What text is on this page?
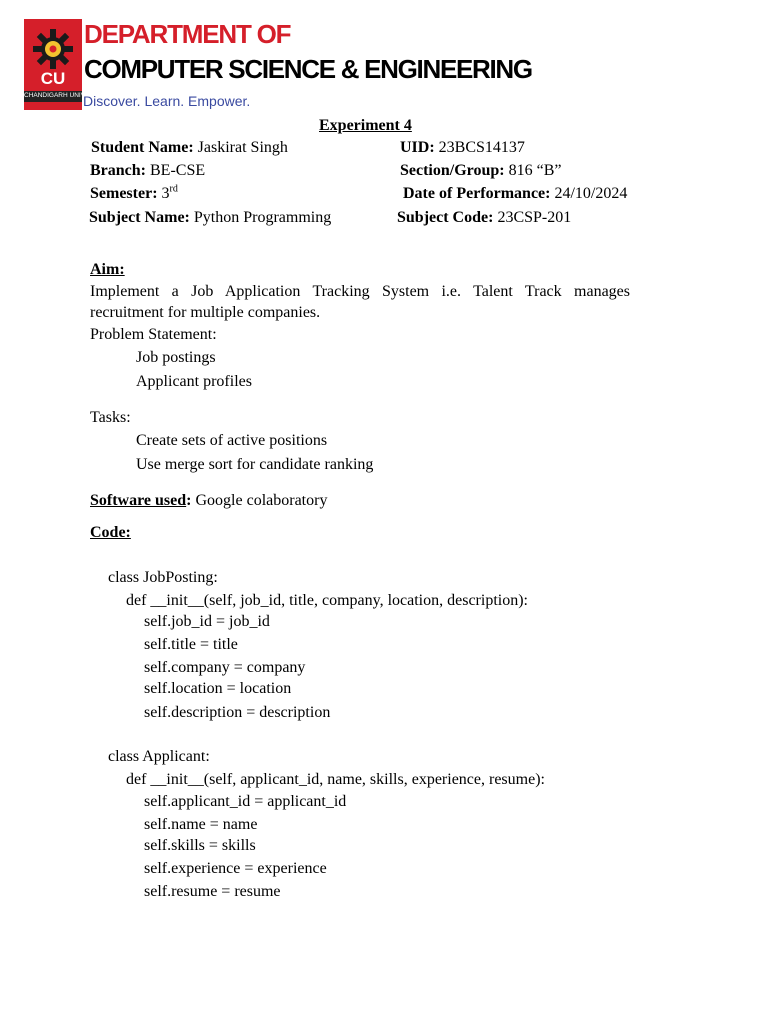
CU
CHANDIGARH UNIVERSITY
DEPARTMENT OF
COMPUTER SCIENCE & ENGINEERING
Discover. Learn. Empower.
Experiment 4
Student Name: Jaskirat Singh	UID: 23BCS14137
Branch: BE-CSE	Section/Group: 816 “B”
Semester: 3rd	Date of Performance: 24/10/2024
Subject Name: Python Programming	Subject Code: 23CSP-201
Aim:
Implement a Job Application Tracking System i.e. Talent Track manages
recruitment for multiple companies.
Problem Statement:
Job postings
Applicant profiles
Tasks:
Create sets of active positions
Use merge sort for candidate ranking
Software used: Google colaboratory
Code:
class JobPosting:
def __init__(self, job_id, title, company, location, description):
self.job_id = job_id
self.title = title
self.company = company
self.location = location
self.description = description
class Applicant:
def __init__(self, applicant_id, name, skills, experience, resume):
self.applicant_id = applicant_id
self.name = name
self.skills = skills
self.experience = experience
self.resume = resume
